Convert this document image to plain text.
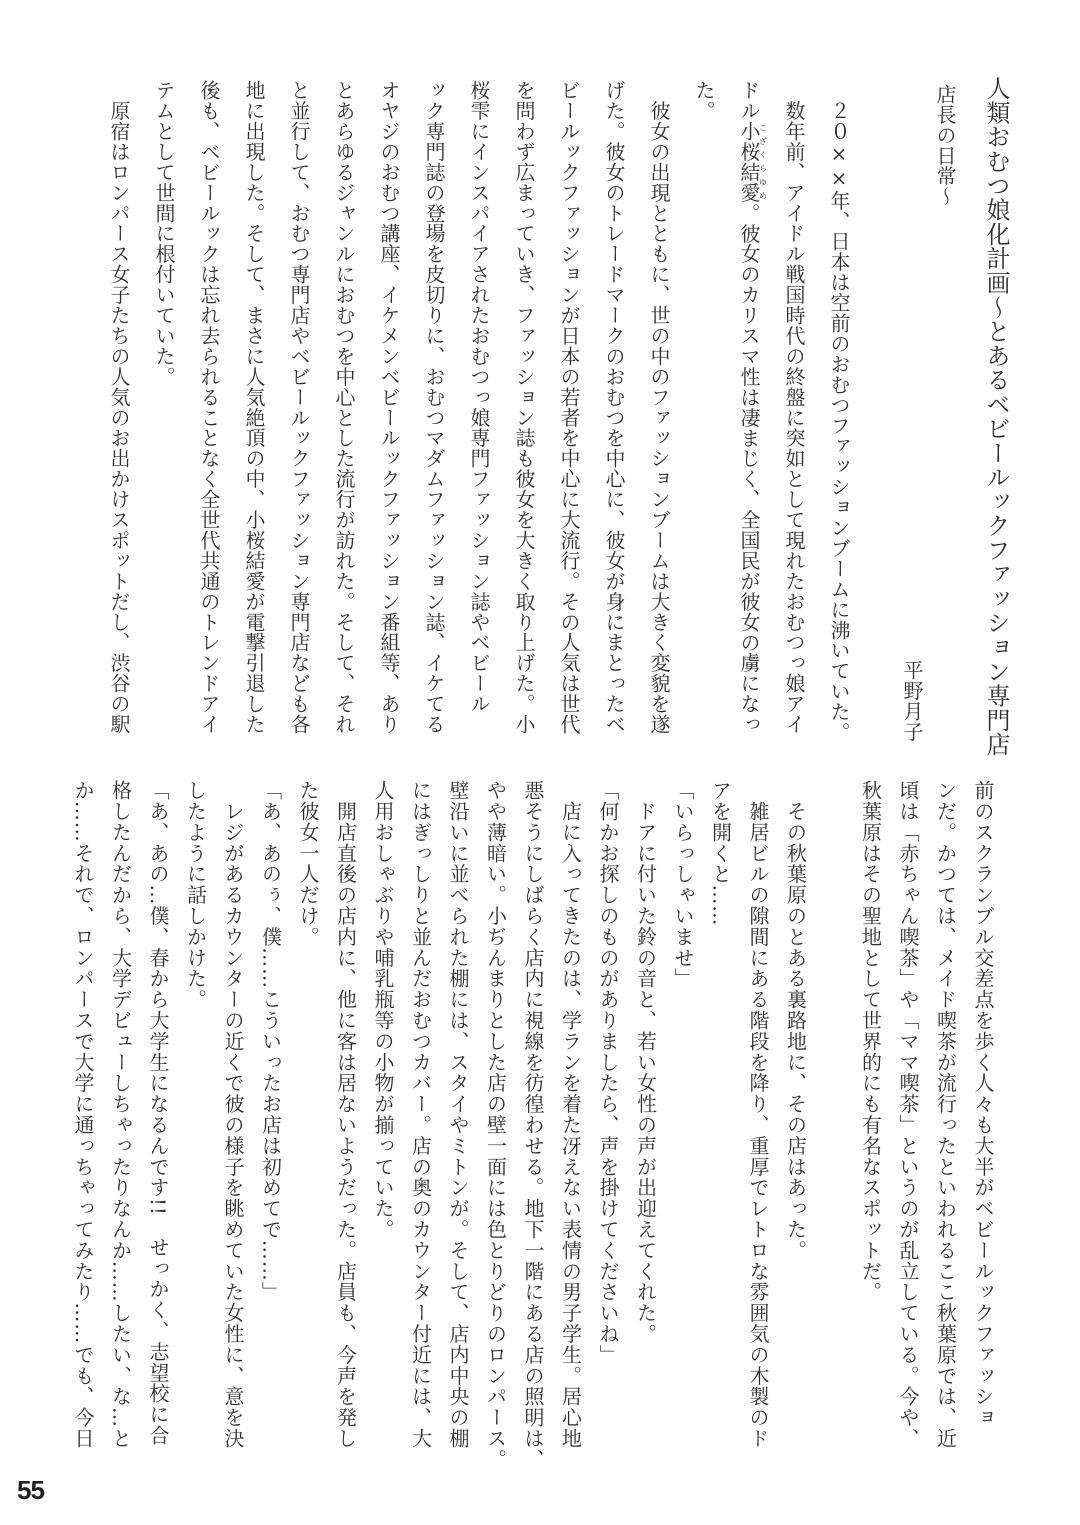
人類おむつ娘化計画～とあるベビールックファッション専門店
店長の日常～
平野月子
　２０××年、日本は空前のおむつファッションブームに沸いていた。
　数年前、アイドル戦国時代の終盤に突如として現れたおむつっ娘アイ
ドル小桜結愛こざくらゆめ。彼女のカリスマ性は凄まじく、全国民が彼女の虜になっ
た。
　彼女の出現とともに、世の中のファッションブームは大きく変貌を遂
げた。彼女のトレードマークのおむつを中心に、彼女が身にまとったベ
ビールックファッションが日本の若者を中心に大流行。その人気は世代
を問わず広まっていき、ファッション誌も彼女を大きく取り上げた。小
桜雫にインスパイアされたおむつっ娘専門ファッション誌やベビール
ック専門誌の登場を皮切りに、おむつマダムファッション誌、イケてる
オヤジのおむつ講座、イケメンベビールックファッション番組等、あり
とあらゆるジャンルにおむつを中心とした流行が訪れた。そして、それ
と並行して、おむつ専門店やベビールックファッション専門店なども各
地に出現した。そして、まさに人気絶頂の中、小桜結愛が電撃引退した
後も、ベビールックは忘れ去られることなく全世代共通のトレンドアイ
テムとして世間に根付いていた。
　原宿はロンパース女子たちの人気のお出かけスポットだし、渋谷の駅
前のスクランブル交差点を歩く人々も大半がベビールックファッショ
ンだ。かつては、メイド喫茶が流行ったといわれるここ秋葉原では、近
頃は「赤ちゃん喫茶」や「ママ喫茶」というのが乱立している。今や、
秋葉原はその聖地として世界的にも有名なスポットだ。
　その秋葉原のとある裏路地に、その店はあった。
　雑居ビルの隙間にある階段を降り、重厚でレトロな雰囲気の木製のド
アを開くと……
「いらっしゃいませ」
　ドアに付いた鈴の音と、若い女性の声が出迎えてくれた。
「何かお探しのものがありましたら、声を掛けてくださいね」
　店に入ってきたのは、学ランを着た冴えない表情の男子学生。居心地
悪そうにしばらく店内に視線を彷徨わせる。地下一階にある店の照明は、
やや薄暗い。小ぢんまりとした店の壁一面には色とりどりのロンパース。
壁沿いに並べられた棚には、スタイやミトンが。そして、店内中央の棚
にはぎっしりと並んだおむつカバー。店の奥のカウンター付近には、大
人用おしゃぶりや哺乳瓶等の小物が揃っていた。
　開店直後の店内に、他に客は居ないようだった。店員も、今声を発し
た彼女一人だけ。
「あ、あのぅ、僕……こういったお店は初めてで……」
　レジがあるカウンターの近くで彼の様子を眺めていた女性に、意を決
したように話しかけた。
「あ、あの…僕、春から大学生になるんです!!　せっかく、志望校に合
格したんだから、大学デビューしちゃったりなんか……したい、な…と
か……それで、ロンパースで大学に通っちゃってみたり……でも、今日
55
